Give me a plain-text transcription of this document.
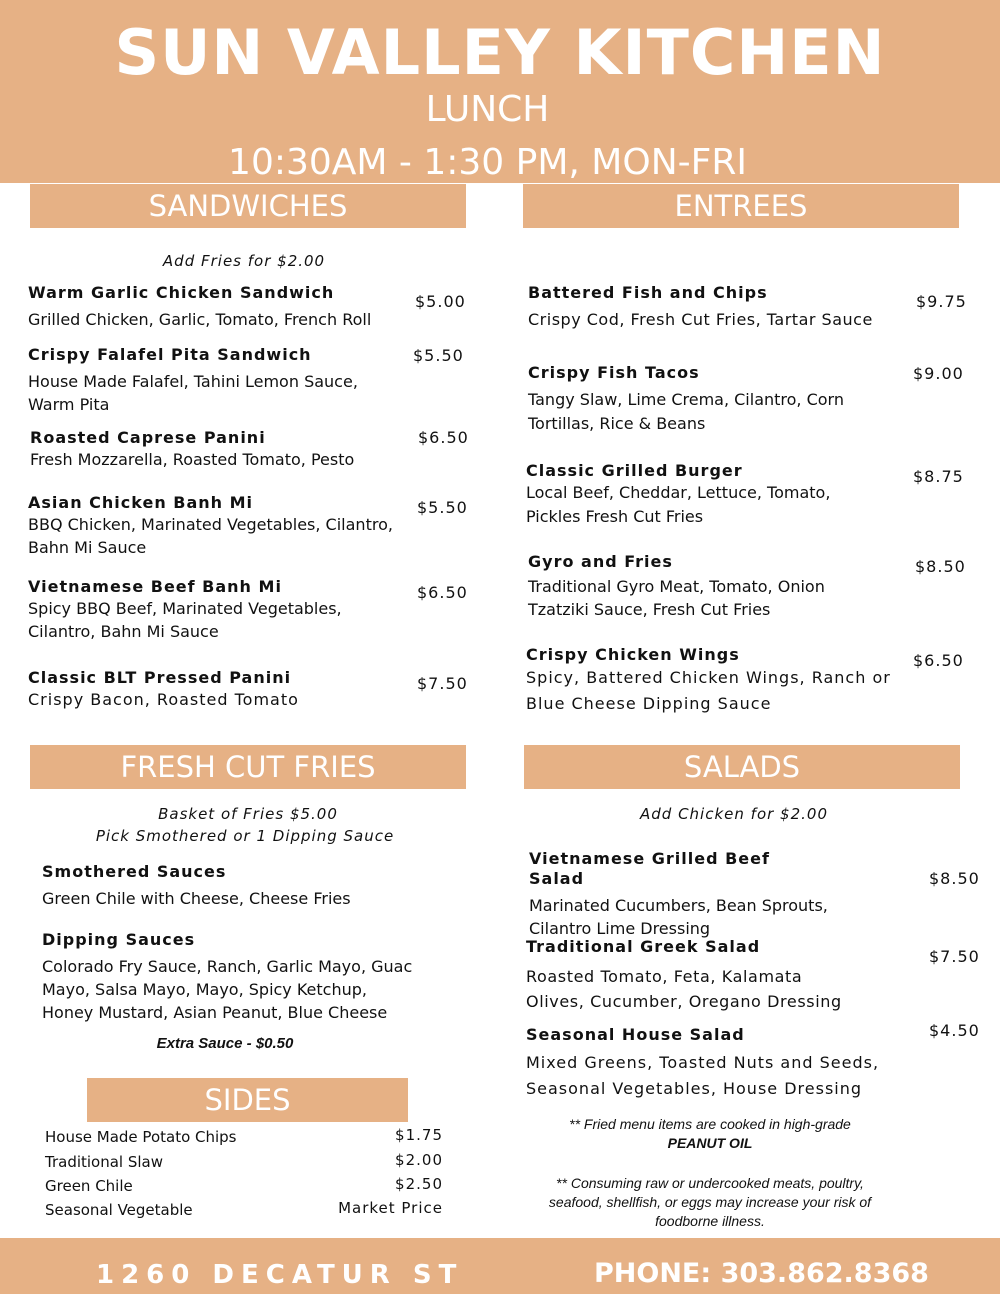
SUN VALLEY KITCHEN
LUNCH
10:30AM - 1:30 PM, MON-FRI
SANDWICHES
Add Fries for $2.00
Warm Garlic Chicken Sandwich
Grilled Chicken, Garlic, Tomato, French Roll
$5.00
Crispy Falafel Pita Sandwich
House Made Falafel, Tahini Lemon Sauce, Warm Pita
$5.50
Roasted Caprese Panini
Fresh Mozzarella, Roasted Tomato, Pesto
$6.50
Asian Chicken Banh Mi
BBQ Chicken, Marinated Vegetables, Cilantro, Bahn Mi Sauce
$5.50
Vietnamese Beef Banh Mi
Spicy BBQ Beef, Marinated Vegetables, Cilantro, Bahn Mi Sauce
$6.50
Classic BLT Pressed Panini
Crispy Bacon, Roasted Tomato
$7.50
ENTREES
Battered Fish and Chips
Crispy Cod, Fresh Cut Fries, Tartar Sauce
$9.75
Crispy Fish Tacos
Tangy Slaw, Lime Crema, Cilantro, Corn Tortillas, Rice & Beans
$9.00
Classic Grilled Burger
Local Beef, Cheddar, Lettuce, Tomato, Pickles Fresh Cut Fries
$8.75
Gyro and Fries
Traditional Gyro Meat, Tomato, Onion Tzatziki Sauce, Fresh Cut Fries
$8.50
Crispy Chicken Wings
Spicy, Battered Chicken Wings, Ranch or Blue Cheese Dipping Sauce
$6.50
FRESH CUT FRIES
Basket of Fries $5.00
Pick Smothered or 1 Dipping Sauce
Smothered Sauces
Green Chile with Cheese, Cheese Fries
Dipping Sauces
Colorado Fry Sauce, Ranch, Garlic Mayo, Guac Mayo, Salsa Mayo, Mayo, Spicy Ketchup, Honey Mustard, Asian Peanut, Blue Cheese
Extra Sauce - $0.50
SIDES
House Made Potato Chips	$1.75
Traditional Slaw	$2.00
Green Chile	$2.50
Seasonal Vegetable	Market Price
SALADS
Add Chicken for $2.00
Vietnamese Grilled Beef Salad
Marinated Cucumbers, Bean Sprouts, Cilantro Lime Dressing
$8.50
Traditional Greek Salad
Roasted Tomato, Feta, Kalamata Olives, Cucumber, Oregano Dressing
$7.50
Seasonal House Salad
Mixed Greens, Toasted Nuts and Seeds, Seasonal Vegetables, House Dressing
$4.50
** Fried menu items are cooked in high-grade
PEANUT OIL
** Consuming raw or undercooked meats, poultry, seafood, shellfish, or eggs may increase your risk of foodborne illness.
1260 DECATUR ST	PHONE: 303.862.8368
